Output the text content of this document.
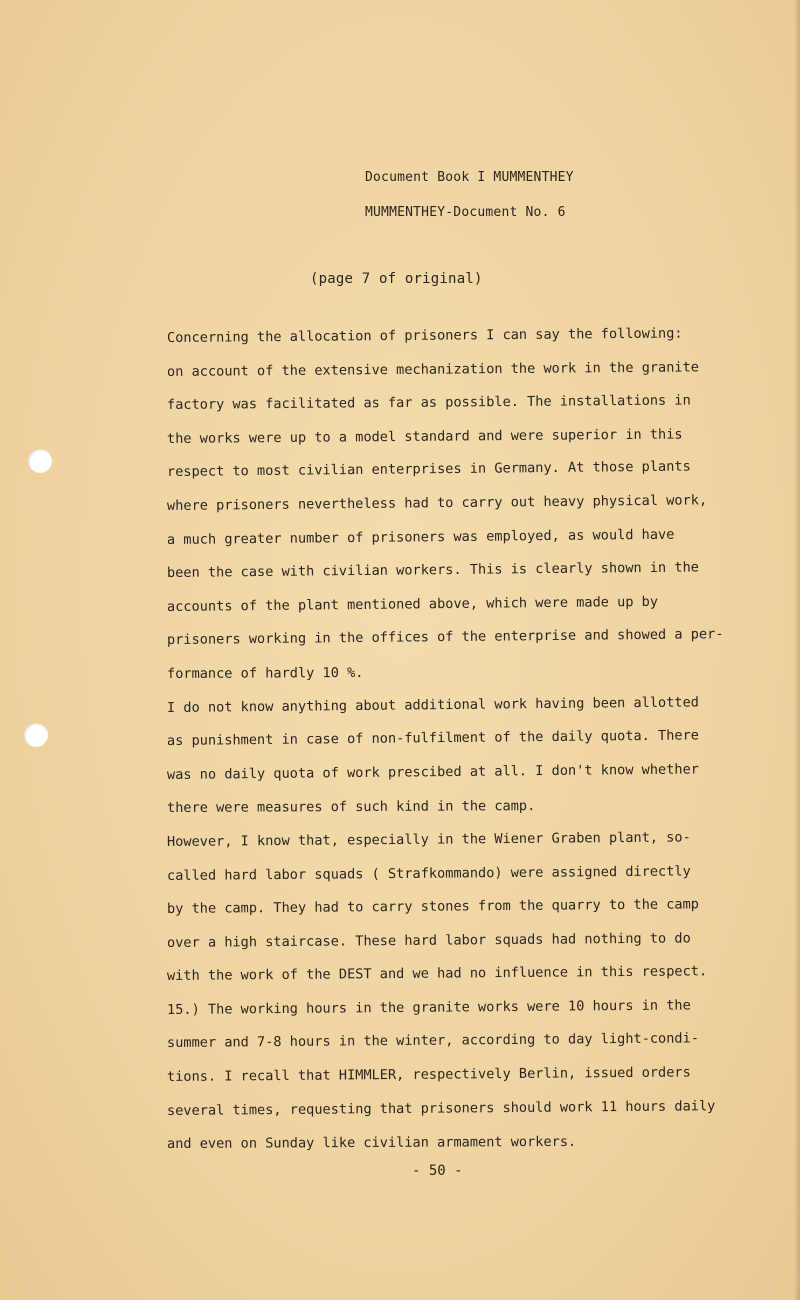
Document Book I MUMMENTHEY
MUMMENTHEY-Document No. 6
(page 7 of original)
Concerning the allocation of prisoners I can say the following:
on account of the extensive mechanization the work in the granite
factory was facilitated as far as possible. The installations in
the works were up to a model standard and were superior in this
respect to most civilian enterprises in Germany. At those plants
where prisoners nevertheless had to carry out heavy physical work,
a much greater number of prisoners was employed, as would have
been the case with civilian workers. This is clearly shown in the
accounts of the plant mentioned above, which were made up by
prisoners working in the offices of the enterprise and showed a per-
formance of hardly 10 %.
I do not know anything about additional work having been allotted
as punishment in case of non-fulfilment of the daily quota. There
was no daily quota of work prescibed at all. I don't know whether
there were measures of such kind in the camp.
However, I know that, especially in the Wiener Graben plant, so-
called hard labor squads ( Strafkommando) were assigned directly
by the camp. They had to carry stones from the quarry to the camp
over a high staircase. These hard labor squads had nothing to do
with the work of the DEST and we had no influence in this respect.
15.) The working hours in the granite works were 10 hours in the
summer and 7-8 hours in the winter, according to day light-condi-
tions. I recall that HIMMLER, respectively Berlin, issued orders
several times, requesting that prisoners should work 11 hours daily
and even on Sunday like civilian armament workers.
- 50 -
